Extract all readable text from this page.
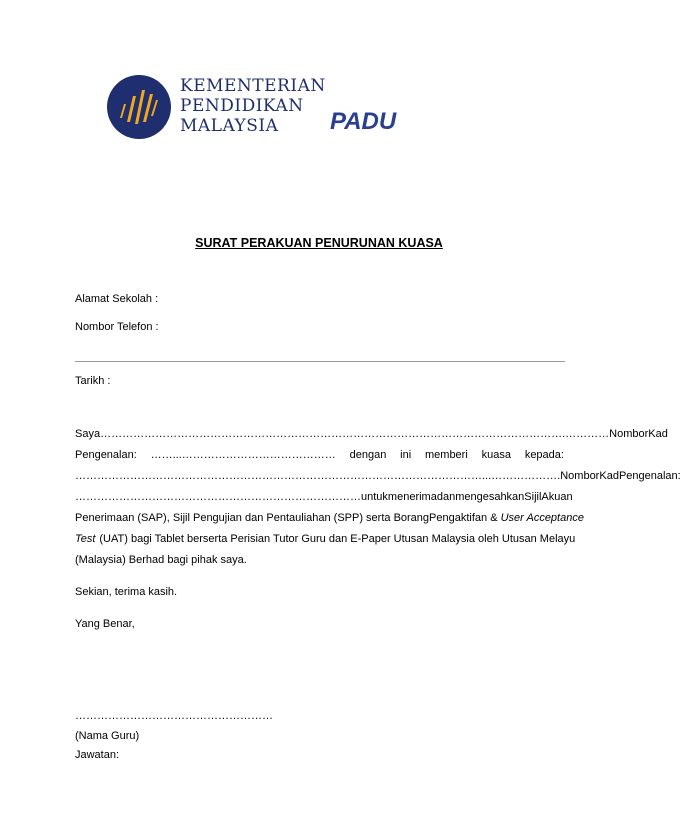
KEMENTERIAN
PENDIDIKAN
MALAYSIA	PADU
SURAT PERAKUAN PENURUNAN KUASA
Alamat Sekolah :
Nombor Telefon :
Tarikh :
Saya……………………………………………………………………………………………………………….………… Nombor Kad
Pengenalan: ……...…………………………………… dengan ini memberi kuasa kepada:
…………………………………………………………………………………………………...……………….Nombor Kad Pengenalan:
…………………………………………………………………… untuk menerima dan mengesahkan Sijil Akuan
Penerimaan (SAP), Sijil Pengujian dan Pentauliahan (SPP) serta Borang Pengaktifan & User Acceptance
Test (UAT) bagi Tablet berserta Perisian Tutor Guru dan E-Paper Utusan Malaysia oleh Utusan Melayu
(Malaysia) Berhad bagi pihak saya.
Sekian, terima kasih.
Yang Benar,
………………………………………………
(Nama Guru)
Jawatan:
